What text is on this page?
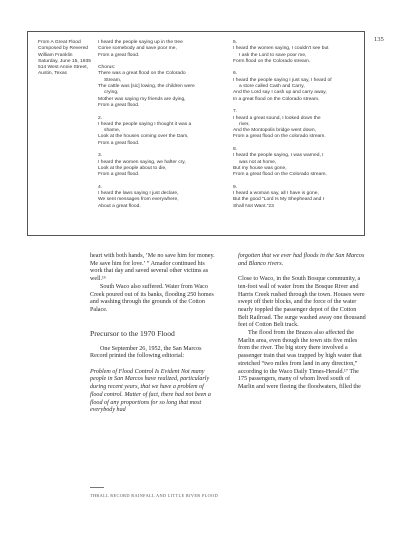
135
From A Great Flood
Composed by Revered
William Franklin
Saturday, June 15, 1935
514 West Annie Street,
Austin, Texas
I heard the people saying up in the tree
Come somebody and save poor me,
From a great flood.
Chorus:
There was a great flood on the Colorado
Stream,
The cattle was [sic] lowing, the children were
crying,
Mother was saying my friends are dying,
From a great flood.
2.
I heard the people saying I thought it was a
shame,
Look at the houses coming over the Dam,
From a great flood.
3.
I heard the women saying, we hafter cry,
Look at the people about to die,
From a great flood.
4.
I heard the laws saying I just declare,
We sent messages from everywhere,
About a great flood.
5.
I heard the women saying, I couldn't see but
I ask the Lord to save poor me,
Form flood on the Colorado stream.
6.
I heard the people saying I just say, I heard of
a store called Cash and Carry,
And the Lord say I cash up and carry away,
In a great flood on the Colorado stream.
7.
I heard a great sound, I looked down the
river,
And the Montopolis bridge went down,
From a great flood on the colorado stream.
8.
I heard the people saying, I was warned, I
was not at home,
But my house was gone,
From a great flood on the Colorado stream.
9.
I heard a woman say, all I have is gone,
But the good “Lord Is My Shepheard and I
Shall Not Want.”23

heart with both hands, ‘Me no save him for money. Me save him for love.’ ” Amador continued his work that day and saved several other victims as well.¹⁶

South Waco also suffered. Water from Waco Creek poured out of its banks, flooding 250 homes and washing through the grounds of the Cotton Palace.

Precursor to the 1970 Flood

One September 26, 1952, the San Marcos Record printed the following editorial:

Problem of Flood Control Is Evident Not many people in San Marcos have realized, particularly during recent years, that we have a problem of flood control. Matter of fact, there had not been a flood of any proportions for so long that most everybody had

forgotten that we ever had floods in the San Marcos and Blanco rivers.

Close to Waco, in the South Bosque community, a ten-foot wall of water from the Bosque River and Harris Creek rushed through the town. Houses were swept off their blocks, and the force of the water nearly toppled the passenger depot of the Cotton Belt Railroad. The surge washed away one thousand feet of Cotton Belt track.

The flood from the Brazos also affected the Marlin area, even though the town sits five miles from the river. The big story there involved a passenger train that was trapped by high water that stretched “two miles from land in any direction,” according to the Waco Daily Times-Herald.¹⁷ The 175 passengers, many of whom lived south of Marlin and were fleeing the floodwaters, filled the

THRALL RECORD RAINFALL AND LITTLE RIVER FLOOD
